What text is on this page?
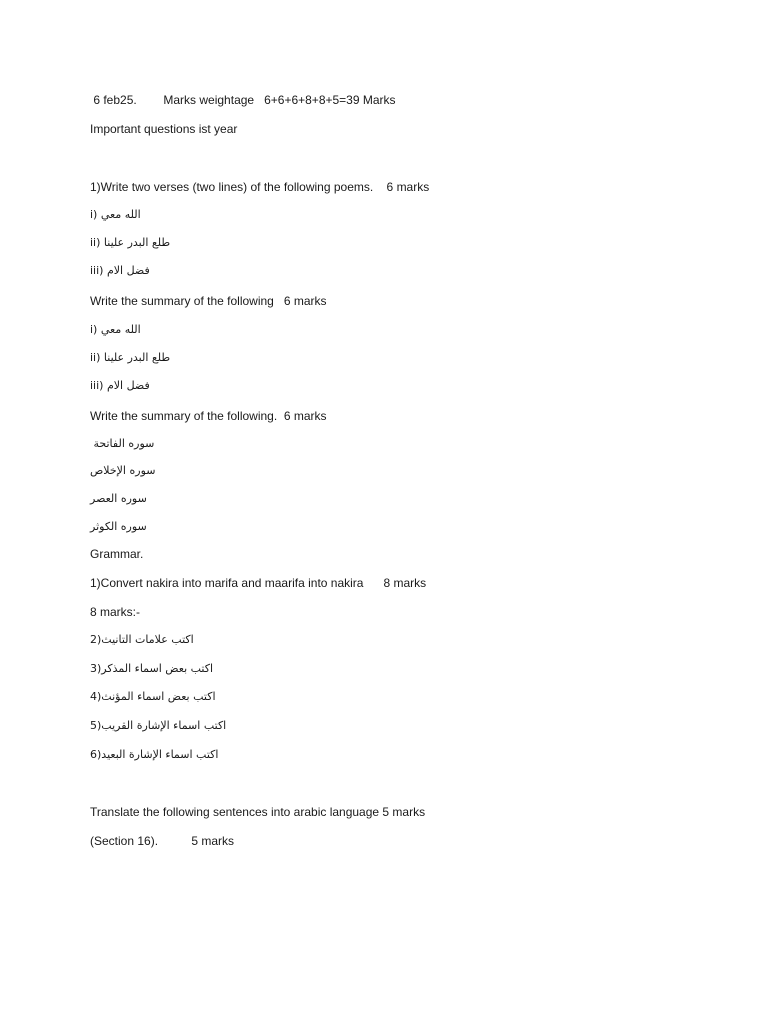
6 feb25.        Marks weightage   6+6+6+8+8+5=39 Marks
Important questions ist year
1)Write two verses (two lines) of the following poems.    6 marks
i) الله معي
ii) طلع البدر علينا
iii) فضل الام
Write the summary of the following   6 marks
i) الله معي
ii) طلع البدر علينا
iii) فضل الام
Write the summary of the following.  6 marks
سوره الفاتحة
سوره الإخلاص
سوره العصر
سوره الكوثر
Grammar.
1)Convert nakira into marifa and maarifa into nakira      8 marks
8 marks:-
2)اكتب علامات التانيث
3)اكتب بعض اسماء المذكر
4)اكتب بعض اسماء المؤنث
5)اكتب اسماء الإشارة القريب
6)اكتب اسماء الإشارة البعيد
Translate the following sentences into arabic language 5 marks
(Section 16).          5 marks
